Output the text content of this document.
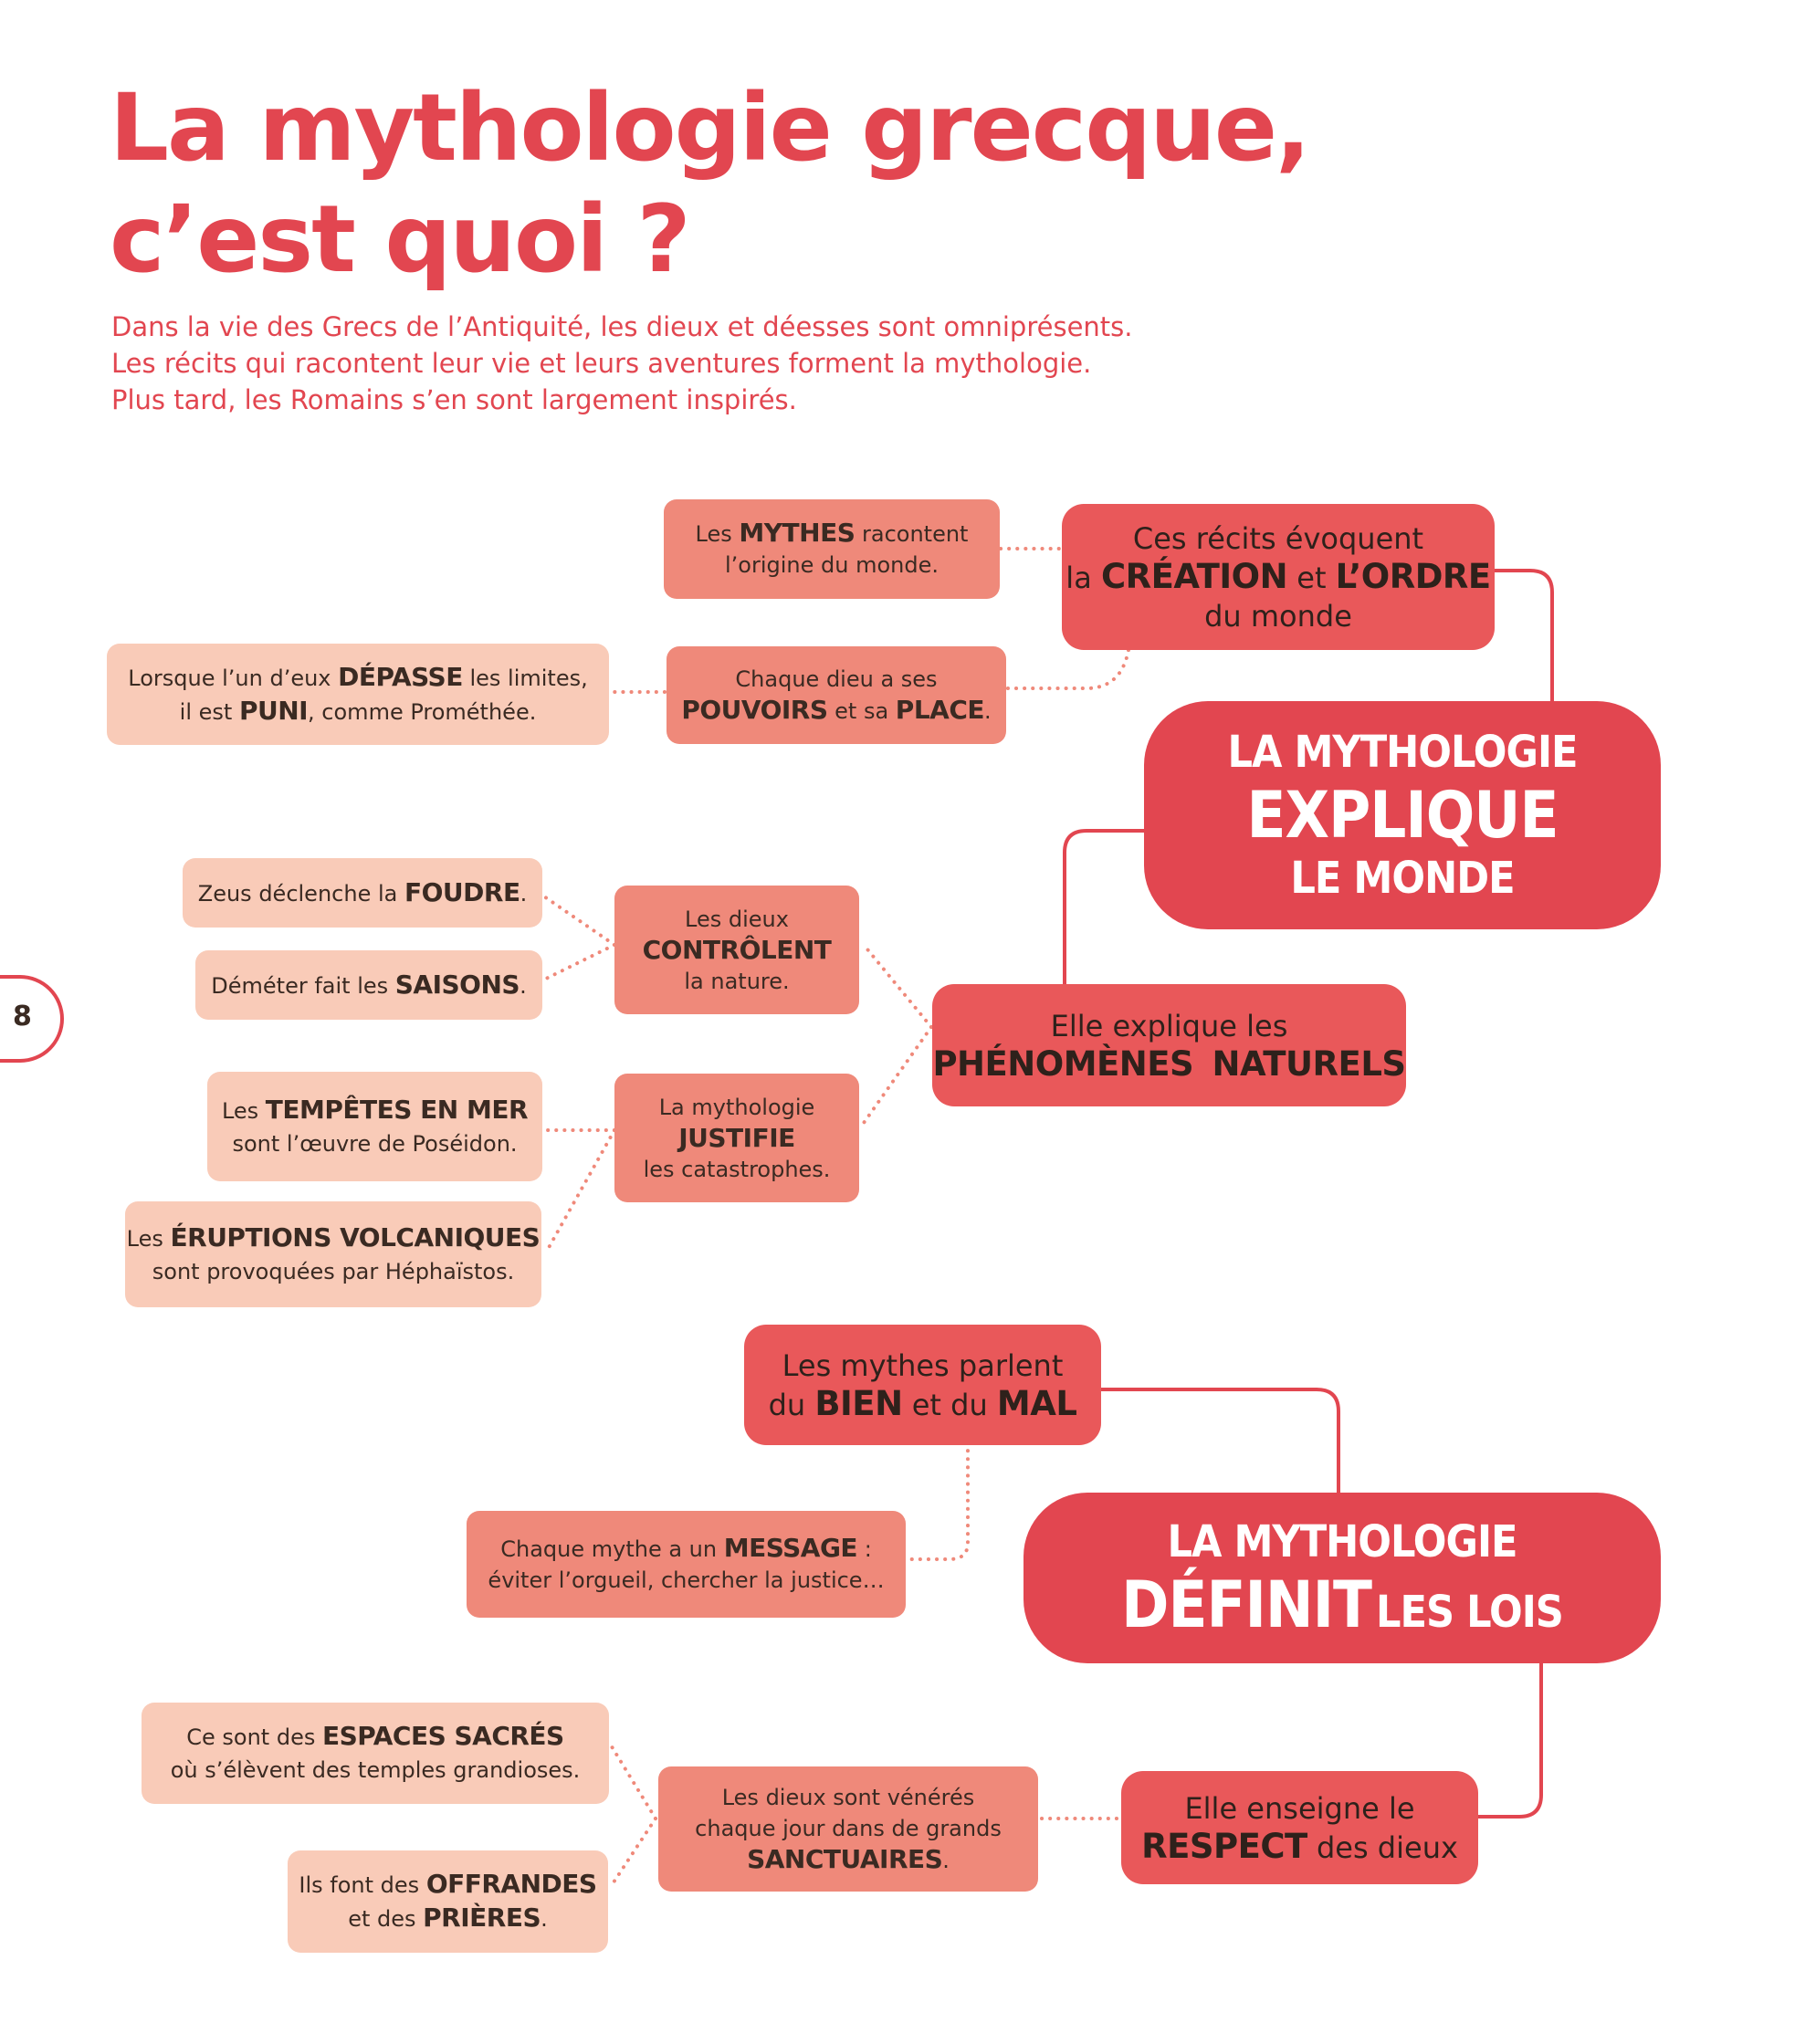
La mythologie grecque,
c’est quoi ?

Dans la vie des Grecs de l’Antiquité, les dieux et déesses sont omniprésents.
Les récits qui racontent leur vie et leurs aventures forment la mythologie.
Plus tard, les Romains s’en sont largement inspirés.

Les MYTHES racontent
l’origine du monde.
Ces récits évoquent
la CRÉATION et L’ORDRE
du monde
Lorsque l’un d’eux DÉPASSE les limites,
il est PUNI, comme Prométhée.
Chaque dieu a ses
POUVOIRS et sa PLACE.
LA MYTHOLOGIE
EXPLIQUE
LE MONDE
Zeus déclenche la FOUDRE.
Les dieux
CONTRÔLENT
la nature.
Déméter fait les SAISONS.
Elle explique les
PHÉNOMÈNES NATURELS
Les TEMPÊTES EN MER
sont l’œuvre de Poséidon.
La mythologie
JUSTIFIE
les catastrophes.
Les ÉRUPTIONS VOLCANIQUES
sont provoquées par Héphaïstos.
Les mythes parlent
du BIEN et du MAL
Chaque mythe a un MESSAGE :
éviter l’orgueil, chercher la justice…
LA MYTHOLOGIE
DÉFINIT LES LOIS
Ce sont des ESPACES SACRÉS
où s’élèvent des temples grandioses.
Les dieux sont vénérés
chaque jour dans de grands
SANCTUAIRES.
Elle enseigne le
RESPECT des dieux
Ils font des OFFRANDES
et des PRIÈRES.
8
